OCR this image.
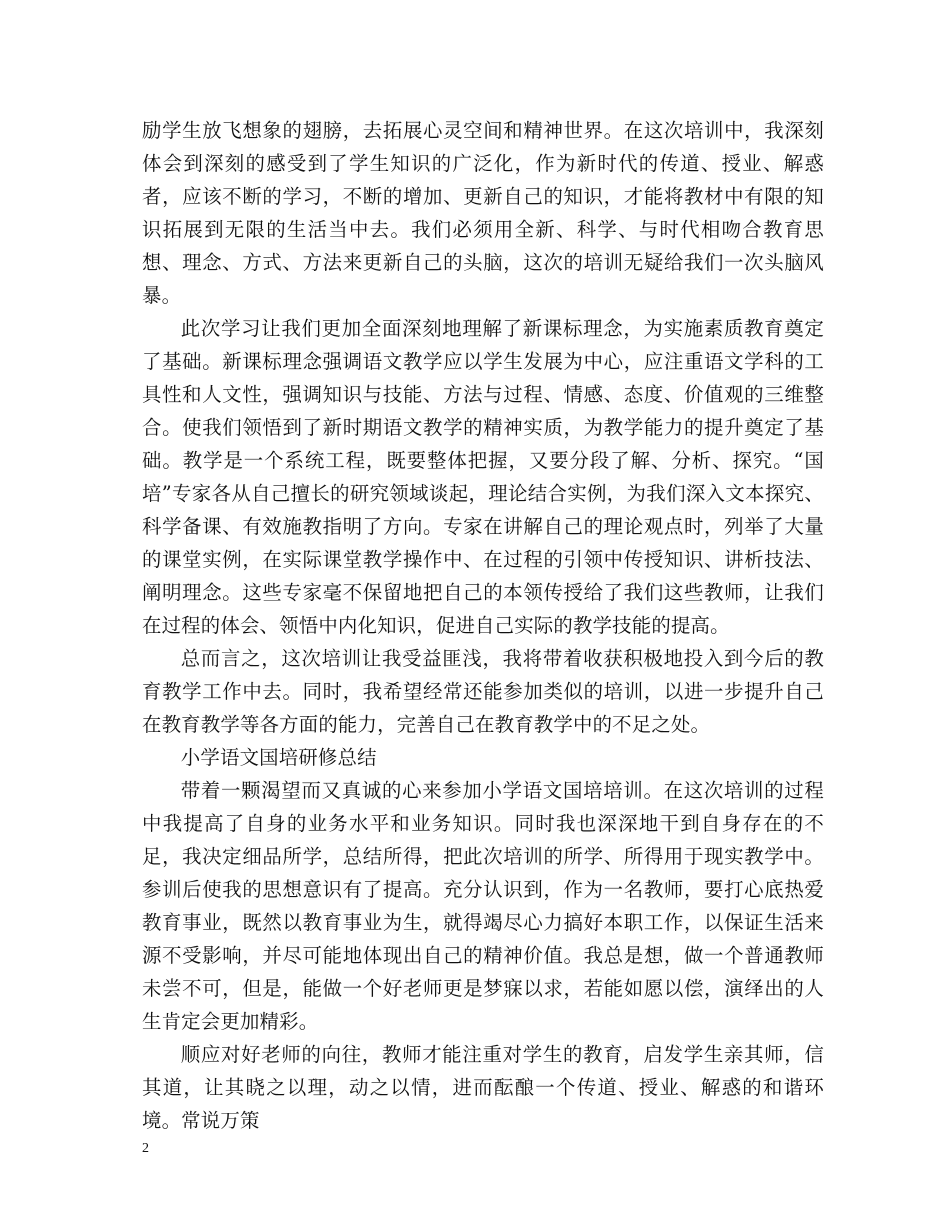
励学生放飞想象的翅膀，去拓展心灵空间和精神世界。在这次培训中，我深刻体会到深刻的感受到了学生知识的广泛化，作为新时代的传道、授业、解惑者，应该不断的学习，不断的增加、更新自己的知识，才能将教材中有限的知识拓展到无限的生活当中去。我们必须用全新、科学、与时代相吻合教育思想、理念、方式、方法来更新自己的头脑，这次的培训无疑给我们一次头脑风暴。

此次学习让我们更加全面深刻地理解了新课标理念，为实施素质教育奠定了基础。新课标理念强调语文教学应以学生发展为中心，应注重语文学科的工具性和人文性，强调知识与技能、方法与过程、情感、态度、价值观的三维整合。使我们领悟到了新时期语文教学的精神实质，为教学能力的提升奠定了基础。教学是一个系统工程，既要整体把握，又要分段了解、分析、探究。“国培”专家各从自己擅长的研究领域谈起，理论结合实例，为我们深入文本探究、科学备课、有效施教指明了方向。专家在讲解自己的理论观点时，列举了大量的课堂实例，在实际课堂教学操作中、在过程的引领中传授知识、讲析技法、阐明理念。这些专家毫不保留地把自己的本领传授给了我们这些教师，让我们在过程的体会、领悟中内化知识，促进自己实际的教学技能的提高。

总而言之，这次培训让我受益匪浅，我将带着收获积极地投入到今后的教育教学工作中去。同时，我希望经常还能参加类似的培训，以进一步提升自己在教育教学等各方面的能力，完善自己在教育教学中的不足之处。

小学语文国培研修总结

带着一颗渴望而又真诚的心来参加小学语文国培培训。在这次培训的过程中我提高了自身的业务水平和业务知识。同时我也深深地干到自身存在的不足，我决定细品所学，总结所得，把此次培训的所学、所得用于现实教学中。参训后使我的思想意识有了提高。充分认识到，作为一名教师，要打心底热爱教育事业，既然以教育事业为生，就得竭尽心力搞好本职工作，以保证生活来源不受影响，并尽可能地体现出自己的精神价值。我总是想，做一个普通教师未尝不可，但是，能做一个好老师更是梦寐以求，若能如愿以偿，演绎出的人生肯定会更加精彩。

顺应对好老师的向往，教师才能注重对学生的教育，启发学生亲其师，信其道，让其晓之以理，动之以情，进而酝酿一个传道、授业、解惑的和谐环境。常说万策

2
